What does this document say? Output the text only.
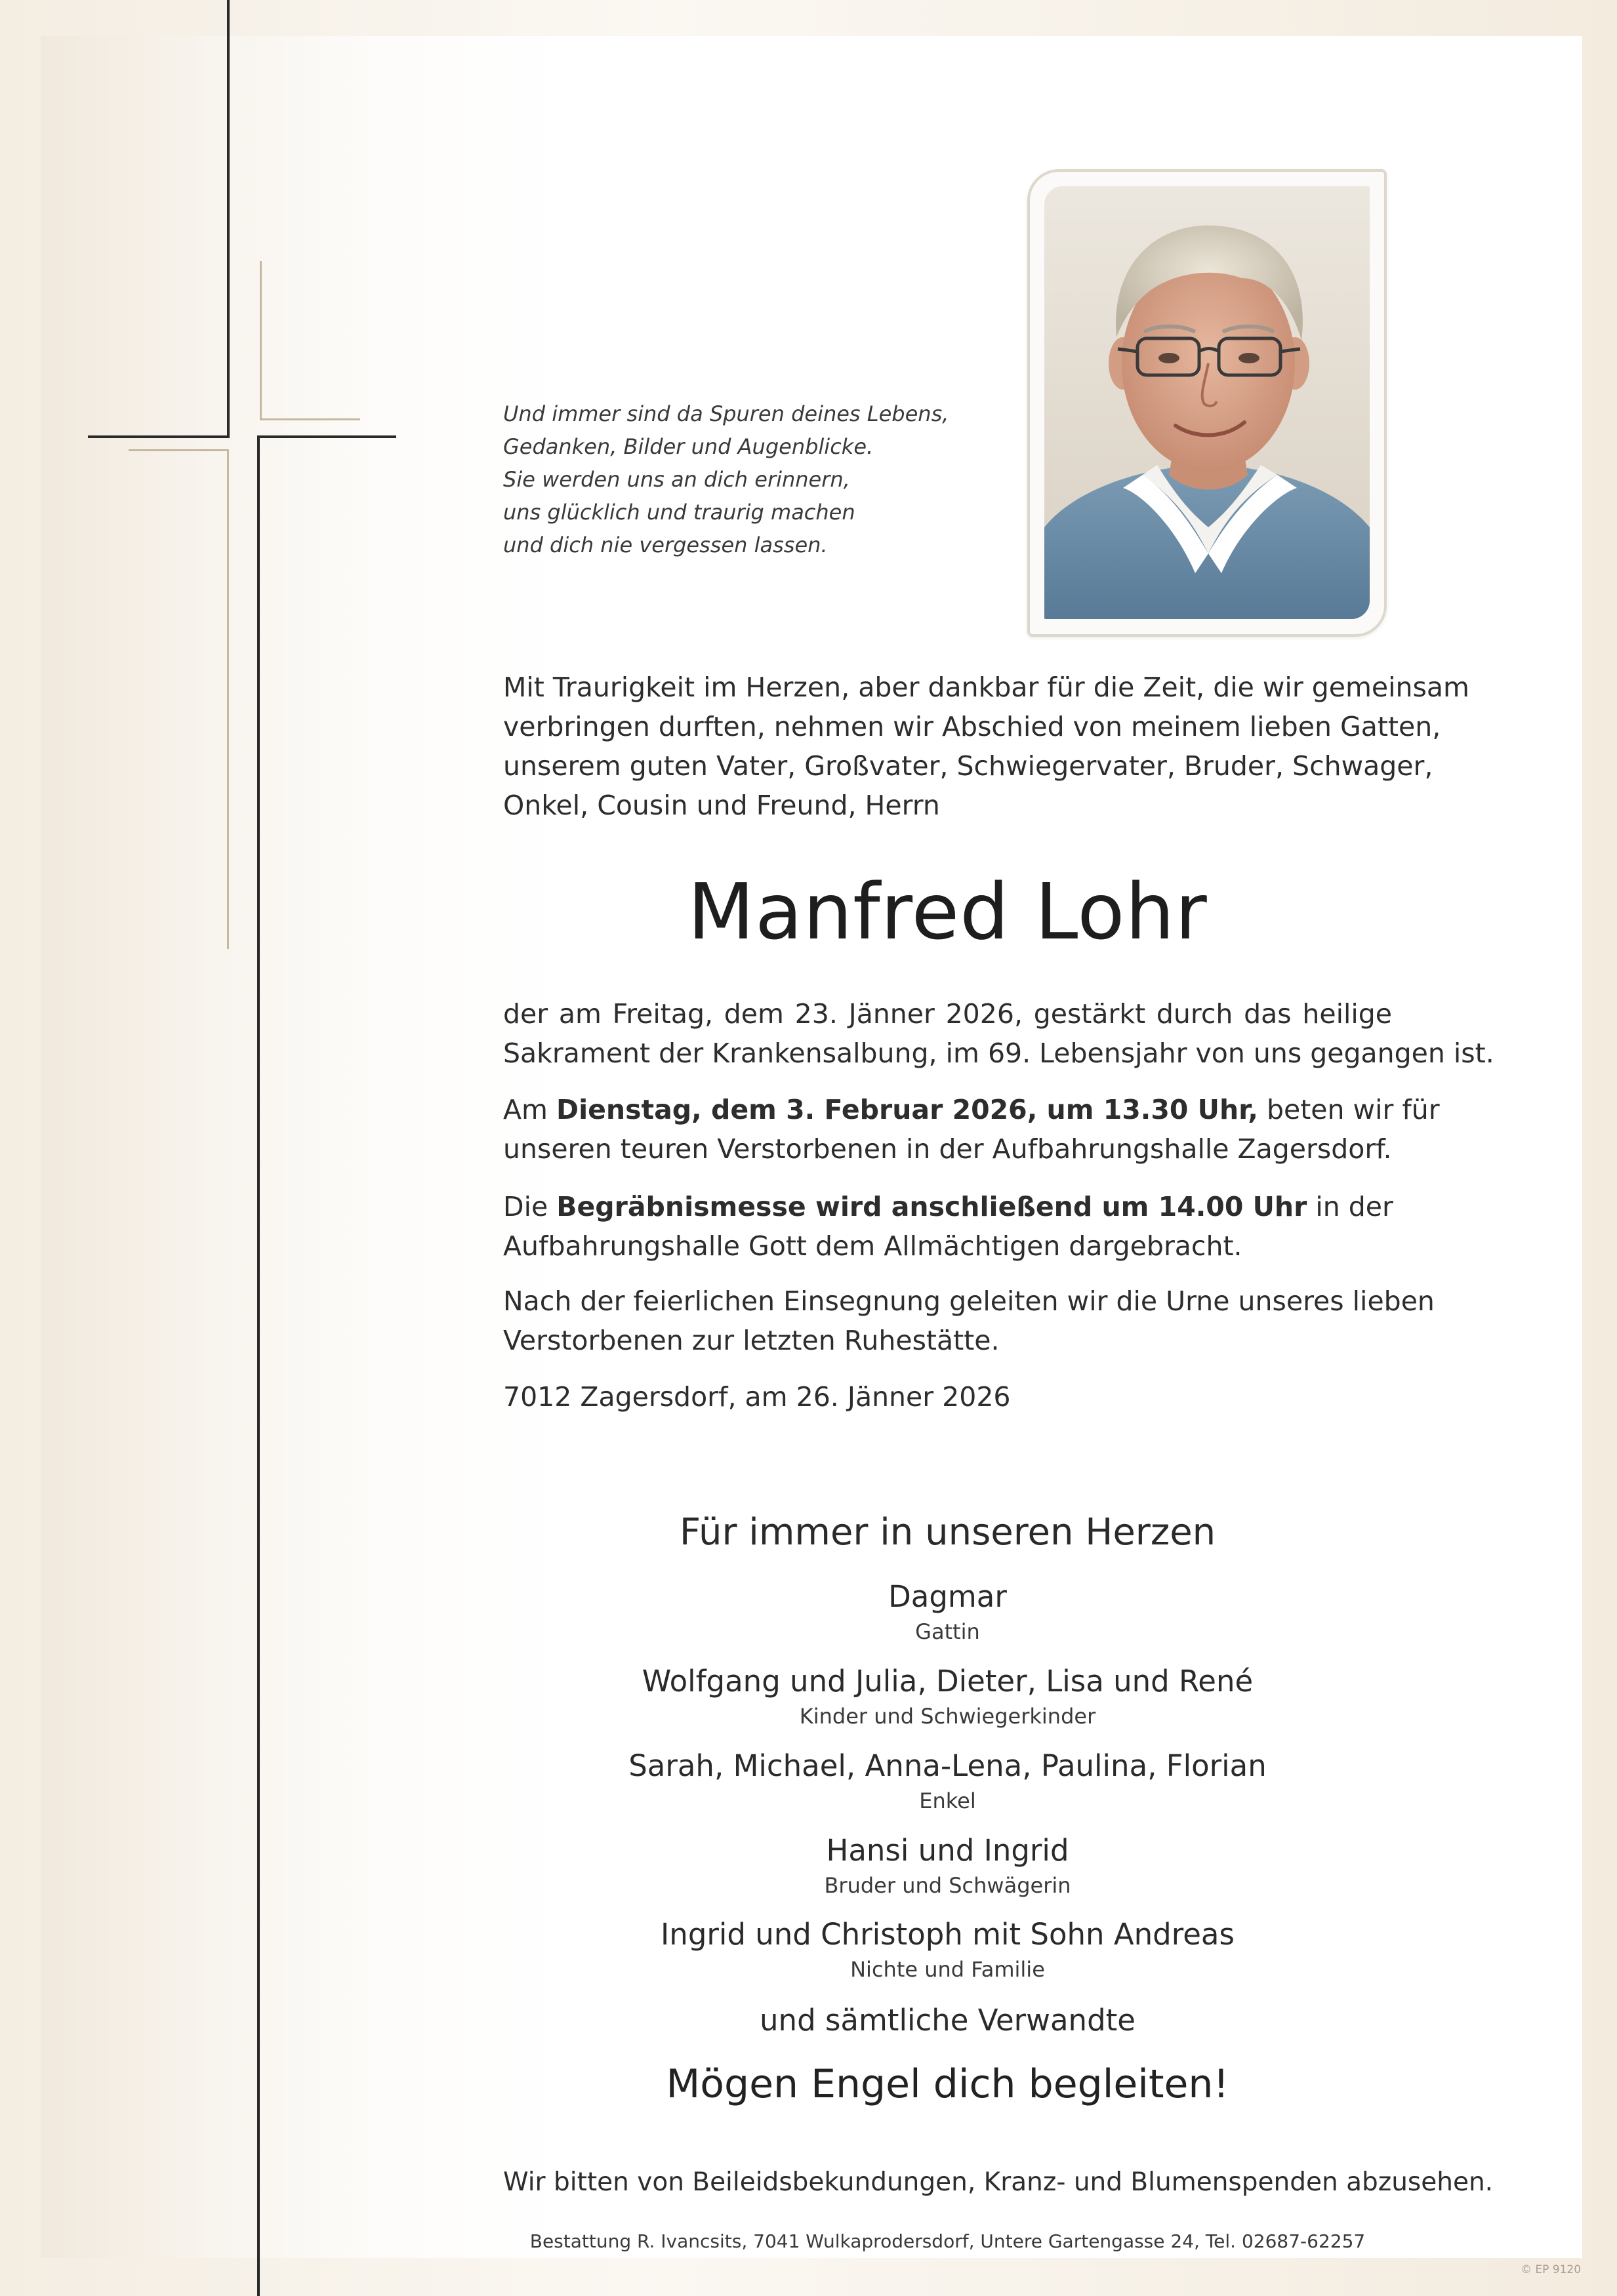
Und immer sind da Spuren deines Lebens,
Gedanken, Bilder und Augenblicke.
Sie werden uns an dich erinnern,
uns glücklich und traurig machen
und dich nie vergessen lassen.
Mit Traurigkeit im Herzen, aber dankbar für die Zeit, die wir gemeinsam
verbringen durften, nehmen wir Abschied von meinem lieben Gatten,
unserem guten Vater, Großvater, Schwiegervater, Bruder, Schwager,
Onkel, Cousin und Freund, Herrn
Manfred Lohr
der am Freitag, dem 23. Jänner 2026, gestärkt durch das heilige
Sakrament der Krankensalbung, im 69. Lebensjahr von uns gegangen ist.
Am Dienstag, dem 3. Februar 2026, um 13.30 Uhr, beten wir für
unseren teuren Verstorbenen in der Aufbahrungshalle Zagersdorf.
Die Begräbnismesse wird anschließend um 14.00 Uhr in der
Aufbahrungshalle Gott dem Allmächtigen dargebracht.
Nach der feierlichen Einsegnung geleiten wir die Urne unseres lieben
Verstorbenen zur letzten Ruhestätte.
7012 Zagersdorf, am 26. Jänner 2026
Für immer in unseren Herzen
Dagmar
Gattin
Wolfgang und Julia, Dieter, Lisa und René
Kinder und Schwiegerkinder
Sarah, Michael, Anna-Lena, Paulina, Florian
Enkel
Hansi und Ingrid
Bruder und Schwägerin
Ingrid und Christoph mit Sohn Andreas
Nichte und Familie
und sämtliche Verwandte
Mögen Engel dich begleiten!
Wir bitten von Beileidsbekundungen, Kranz- und Blumenspenden abzusehen.
Bestattung R. Ivancsits, 7041 Wulkaprodersdorf, Untere Gartengasse 24, Tel. 02687-62257
© EP 9120
